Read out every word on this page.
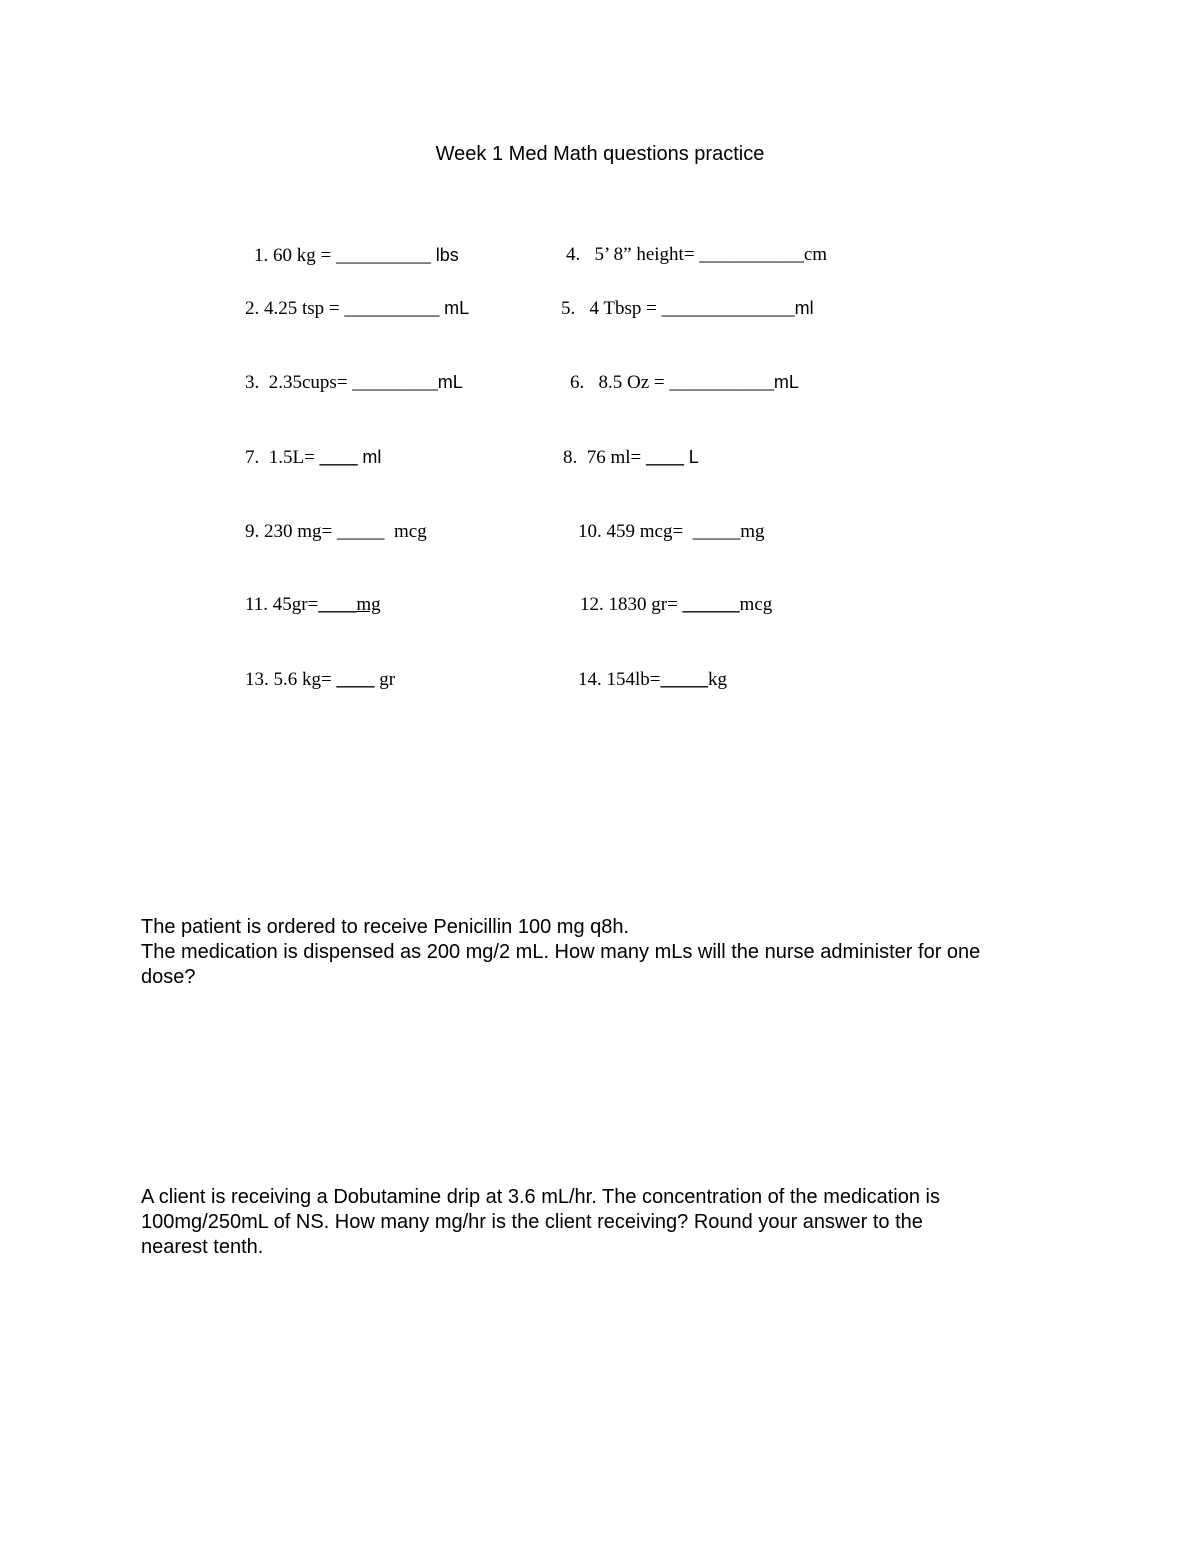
Week 1 Med Math questions practice
1. 60 kg = __________ lbs	4. 5’ 8” height= ___________cm
2. 4.25 tsp = __________ mL	5. 4 Tbsp = ______________ml
3. 2.35cups= _________mL	6. 8.5 Oz = ___________mL
7. 1.5L= ____ ml	8. 76 ml= ____ L
9. 230 mg= _____ mcg	10. 459 mcg= _____mg
11. 45gr=____mg	12. 1830 gr= ______mcg
13. 5.6 kg= ____ gr	14. 154lb=_____kg
The patient is ordered to receive Penicillin 100 mg q8h.
The medication is dispensed as 200 mg/2 mL. How many mLs will the nurse administer for one
dose?
A client is receiving a Dobutamine drip at 3.6 mL/hr. The concentration of the medication is
100mg/250mL of NS. How many mg/hr is the client receiving? Round your answer to the
nearest tenth.
